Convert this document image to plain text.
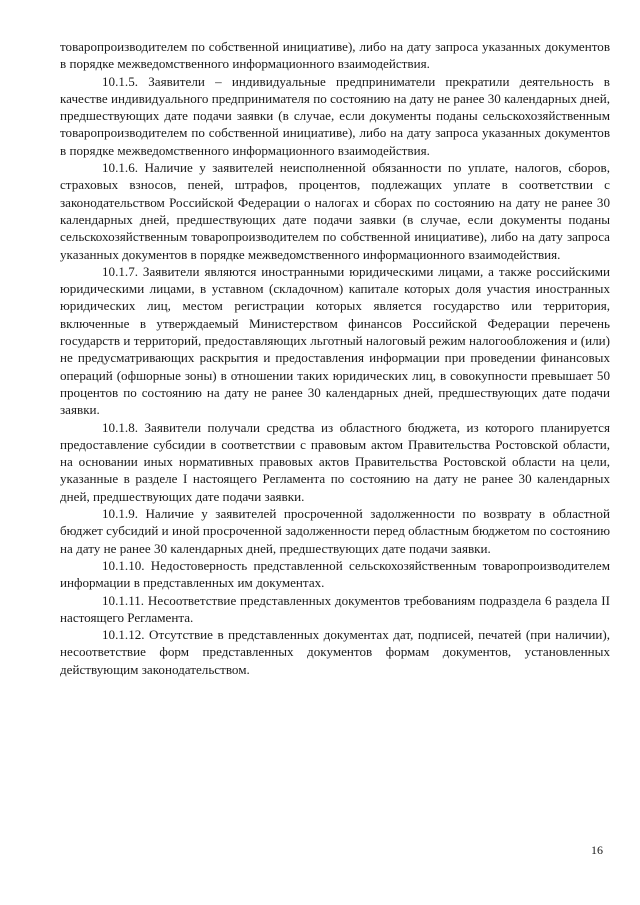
товаропроизводителем по собственной инициативе), либо на дату запроса указанных документов в порядке межведомственного информационного взаимодействия.

10.1.5. Заявители – индивидуальные предприниматели прекратили деятельность в качестве индивидуального предпринимателя по состоянию на дату не ранее 30 календарных дней, предшествующих дате подачи заявки (в случае, если документы поданы сельскохозяйственным товаропроизводителем по собственной инициативе), либо на дату запроса указанных документов в порядке межведомственного информационного взаимодействия.

10.1.6. Наличие у заявителей неисполненной обязанности по уплате, налогов, сборов, страховых взносов, пеней, штрафов, процентов, подлежащих уплате в соответствии с законодательством Российской Федерации о налогах и сборах по состоянию на дату не ранее 30 календарных дней, предшествующих дате подачи заявки (в случае, если документы поданы сельскохозяйственным товаропроизводителем по собственной инициативе), либо на дату запроса указанных документов в порядке межведомственного информационного взаимодействия.

10.1.7. Заявители являются иностранными юридическими лицами, а также российскими юридическими лицами, в уставном (складочном) капитале которых доля участия иностранных юридических лиц, местом регистрации которых является государство или территория, включенные в утверждаемый Министерством финансов Российской Федерации перечень государств и территорий, предоставляющих льготный налоговый режим налогообложения и (или) не предусматривающих раскрытия и предоставления информации при проведении финансовых операций (офшорные зоны) в отношении таких юридических лиц, в совокупности превышает 50 процентов по состоянию на дату не ранее 30 календарных дней, предшествующих дате подачи заявки.

10.1.8. Заявители получали средства из областного бюджета, из которого планируется предоставление субсидии в соответствии с правовым актом Правительства Ростовской области, на основании иных нормативных правовых актов Правительства Ростовской области на цели, указанные в разделе I настоящего Регламента по состоянию на дату не ранее 30 календарных дней, предшествующих дате подачи заявки.

10.1.9. Наличие у заявителей просроченной задолженности по возврату в областной бюджет субсидий и иной просроченной задолженности перед областным бюджетом по состоянию на дату не ранее 30 календарных дней, предшествующих дате подачи заявки.

10.1.10. Недостоверность представленной сельскохозяйственным товаропроизводителем информации в представленных им документах.

10.1.11. Несоответствие представленных документов требованиям подраздела 6 раздела II настоящего Регламента.

10.1.12. Отсутствие в представленных документах дат, подписей, печатей (при наличии), несоответствие форм представленных документов формам документов, установленных действующим законодательством.

16
